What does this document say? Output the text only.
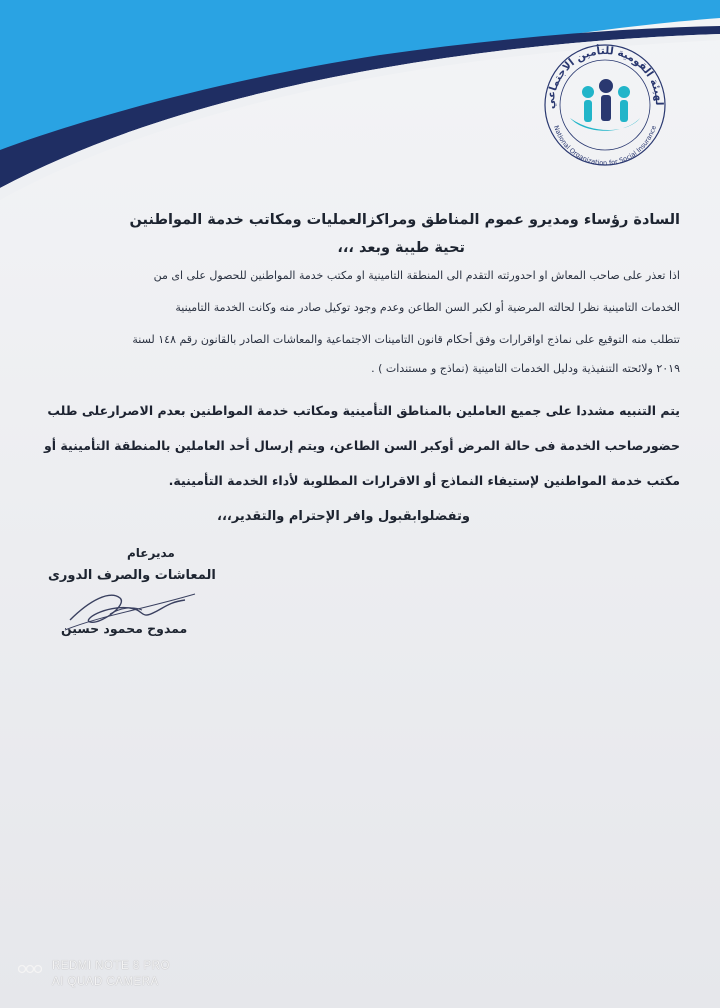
لهيئة القومية للتأمين الاجتماعي
National Organization for Social Insurance
السادة رؤساء ومديرو عموم المناطق ومراكزالعمليات ومكاتب خدمة المواطنين
تحية طيبة وبعد ،،،
اذا تعذر على صاحب المعاش او احدورثته التقدم الى المنطقة التامينية او مكتب خدمة المواطنين للحصول على اى من
الخدمات التامينية نظرا لحالته المرضية أو لكبر السن الطاعن وعدم وجود توكيل صادر منه وكانت الخدمة التامينية
تتطلب منه التوقيع على نماذج اواقرارات وفق أحكام قانون التامينات الاجتماعية والمعاشات الصادر بالقانون رقم ١٤٨ لسنة
٢٠١٩ ولائحته التنفيذية ودليل الخدمات التامينية (نماذج و مستندات ) .
يتم التنبيه مشددا على جميع العاملين بالمناطق التأمينية ومكاتب خدمة المواطنين بعدم الاصرارعلى طلب
حضورصاحب الخدمة فى حالة المرض أوكبر السن الطاعن، ويتم إرسال أحد العاملين بالمنطقة التأمينية أو
مكتب خدمة المواطنين لإستيفاء النماذج أو الاقرارات المطلوبة لأداء الخدمة التأمينية.
وتفضلوابقبول وافر الإحترام والتقدير،،،
مديرعام
المعاشات والصرف الدورى
ممدوح محمود حسين
REDMI NOTE 8 PRO
AI QUAD CAMERA
